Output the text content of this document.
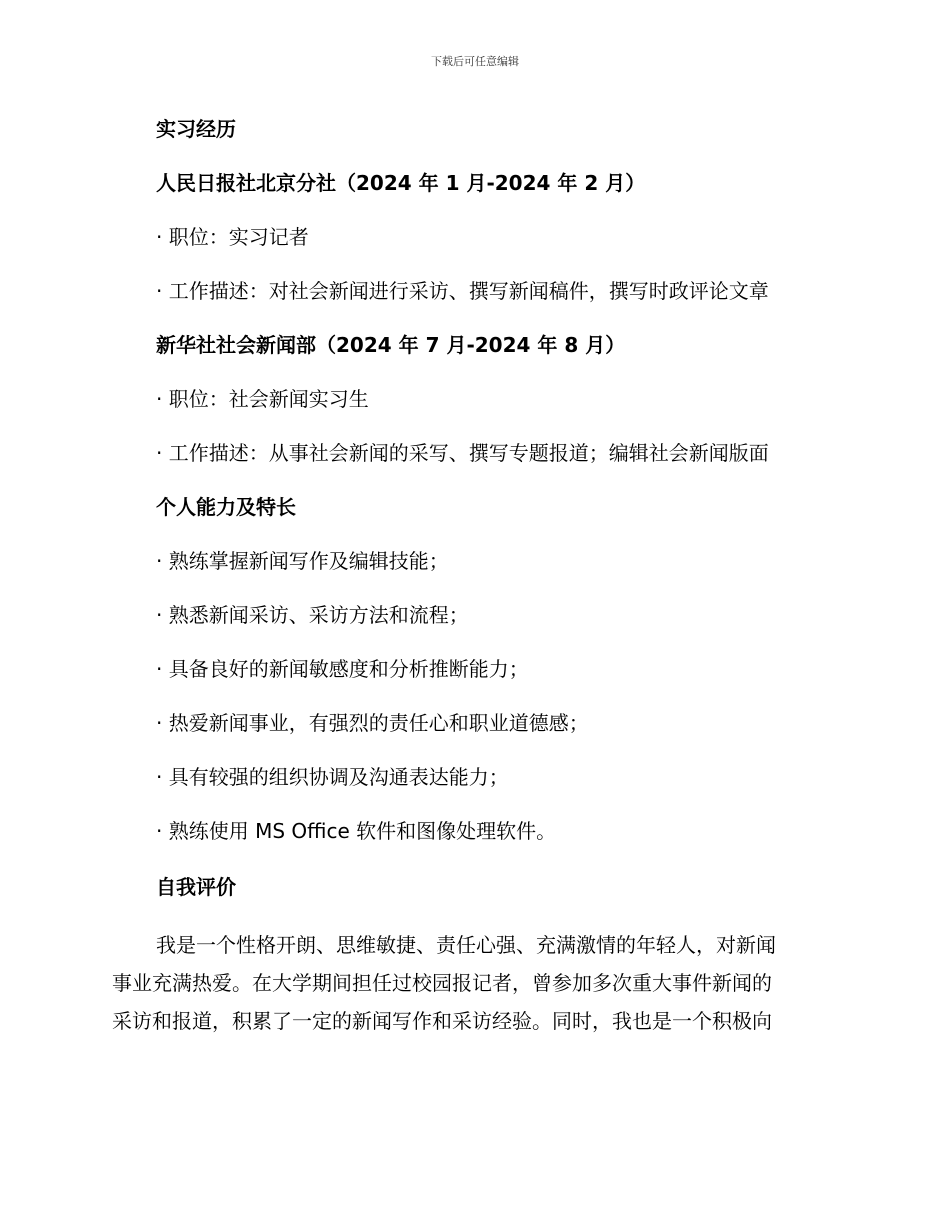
下载后可任意编辑
实习经历
人民日报社北京分社（2024 年 1 月-2024 年 2 月）
· 职位：实习记者
· 工作描述：对社会新闻进行采访、撰写新闻稿件，撰写时政评论文章
新华社社会新闻部（2024 年 7 月-2024 年 8 月）
· 职位：社会新闻实习生
· 工作描述：从事社会新闻的采写、撰写专题报道；编辑社会新闻版面
个人能力及特长
· 熟练掌握新闻写作及编辑技能；
· 熟悉新闻采访、采访方法和流程；
· 具备良好的新闻敏感度和分析推断能力；
· 热爱新闻事业，有强烈的责任心和职业道德感；
· 具有较强的组织协调及沟通表达能力；
· 熟练使用 MS Office 软件和图像处理软件。
自我评价

我是一个性格开朗、思维敏捷、责任心强、充满激情的年轻人，对新闻

事业充满热爱。在大学期间担任过校园报记者，曾参加多次重大事件新闻的

采访和报道，积累了一定的新闻写作和采访经验。同时，我也是一个积极向
